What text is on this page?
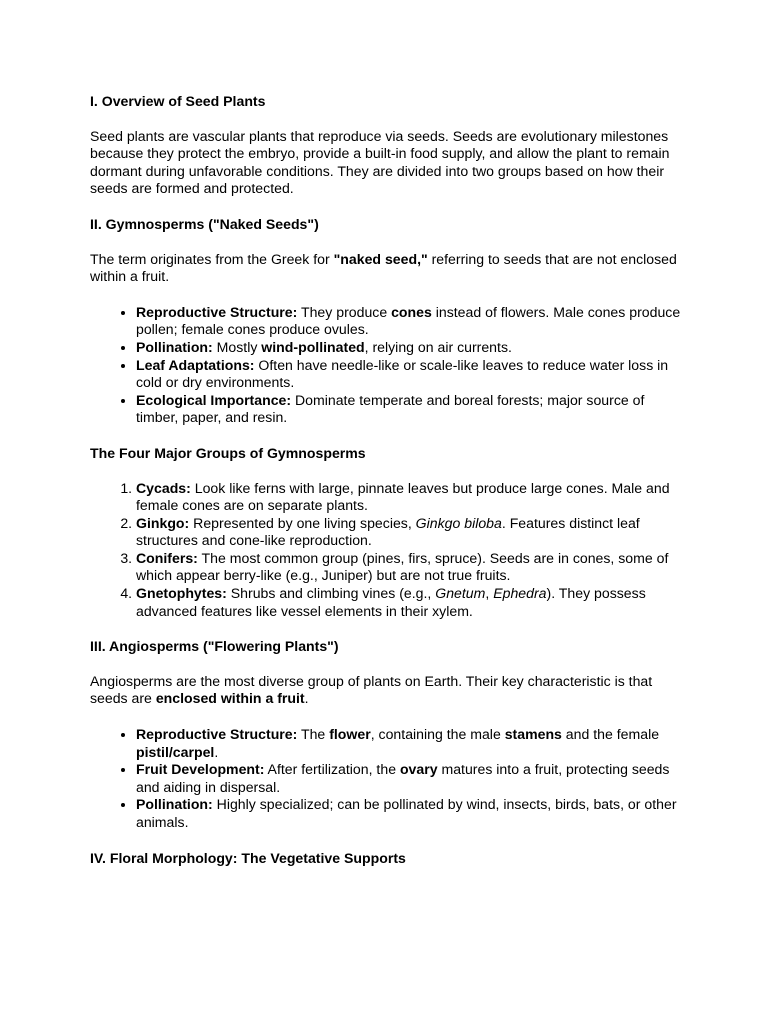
I. Overview of Seed Plants

Seed plants are vascular plants that reproduce via seeds. Seeds are evolutionary milestones because they protect the embryo, provide a built-in food supply, and allow the plant to remain dormant during unfavorable conditions. They are divided into two groups based on how their seeds are formed and protected.

II. Gymnosperms ("Naked Seeds")

The term originates from the Greek for "naked seed," referring to seeds that are not enclosed within a fruit.

• Reproductive Structure: They produce cones instead of flowers. Male cones produce pollen; female cones produce ovules.
• Pollination: Mostly wind-pollinated, relying on air currents.
• Leaf Adaptations: Often have needle-like or scale-like leaves to reduce water loss in cold or dry environments.
• Ecological Importance: Dominate temperate and boreal forests; major source of timber, paper, and resin.
The Four Major Groups of Gymnosperms
1. Cycads: Look like ferns with large, pinnate leaves but produce large cones. Male and female cones are on separate plants.
2. Ginkgo: Represented by one living species, Ginkgo biloba. Features distinct leaf structures and cone-like reproduction.
3. Conifers: The most common group (pines, firs, spruce). Seeds are in cones, some of which appear berry-like (e.g., Juniper) but are not true fruits.
4. Gnetophytes: Shrubs and climbing vines (e.g., Gnetum, Ephedra). They possess advanced features like vessel elements in their xylem.
III. Angiosperms ("Flowering Plants")

Angiosperms are the most diverse group of plants on Earth. Their key characteristic is that seeds are enclosed within a fruit.

• Reproductive Structure: The flower, containing the male stamens and the female pistil/carpel.
• Fruit Development: After fertilization, the ovary matures into a fruit, protecting seeds and aiding in dispersal.
• Pollination: Highly specialized; can be pollinated by wind, insects, birds, bats, or other animals.
IV. Floral Morphology: The Vegetative Supports
